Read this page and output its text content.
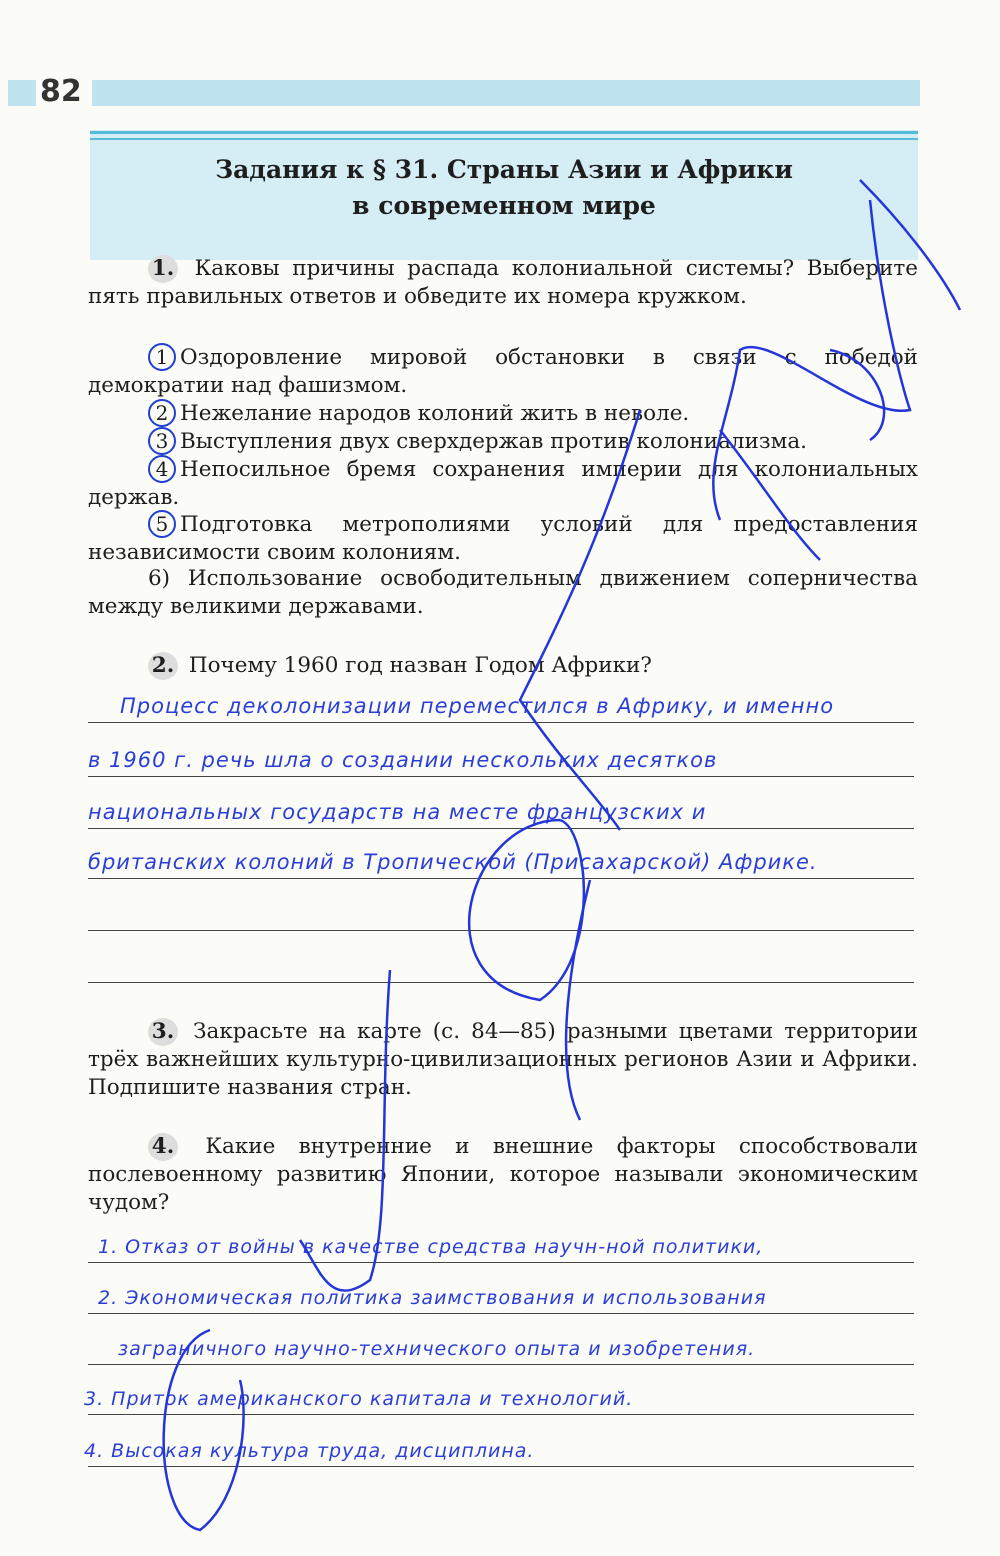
82
Задания к § 31. Страны Азии и Африки
в современном мире
1. Каковы причины распада колониальной системы? Выберите пять правильных ответов и обведите их номера кружком.
1 Оздоровление мировой обстановки в связи с победой демократии над фашизмом.
2 Нежелание народов колоний жить в неволе.
3 Выступления двух сверхдержав против колониализма.
4 Непосильное бремя сохранения империи для колониальных держав.
5 Подготовка метрополиями условий для предоставления независимости своим колониям.
6) Использование освободительным движением соперничества между великими державами.
2. Почему 1960 год назван Годом Африки?
Процесс деколонизации переместился в Африку, и именно
в 1960 г. речь шла о создании нескольких десятков
национальных государств на месте французских и
британских колоний в Тропической (Присахарской) Африке.
3. Закрасьте на карте (с. 84—85) разными цветами территории трёх важнейших культурно-цивилизационных регионов Азии и Африки. Подпишите названия стран.
4. Какие внутренние и внешние факторы способствовали послевоенному развитию Японии, которое называли экономическим чудом?
1. Отказ от войны в качестве средства научн-ной политики,
2. Экономическая политика заимствования и использования
заграничного научно-технического опыта и изобретения.
3. Приток американского капитала и технологий.
4. Высокая культура труда, дисциплина.
